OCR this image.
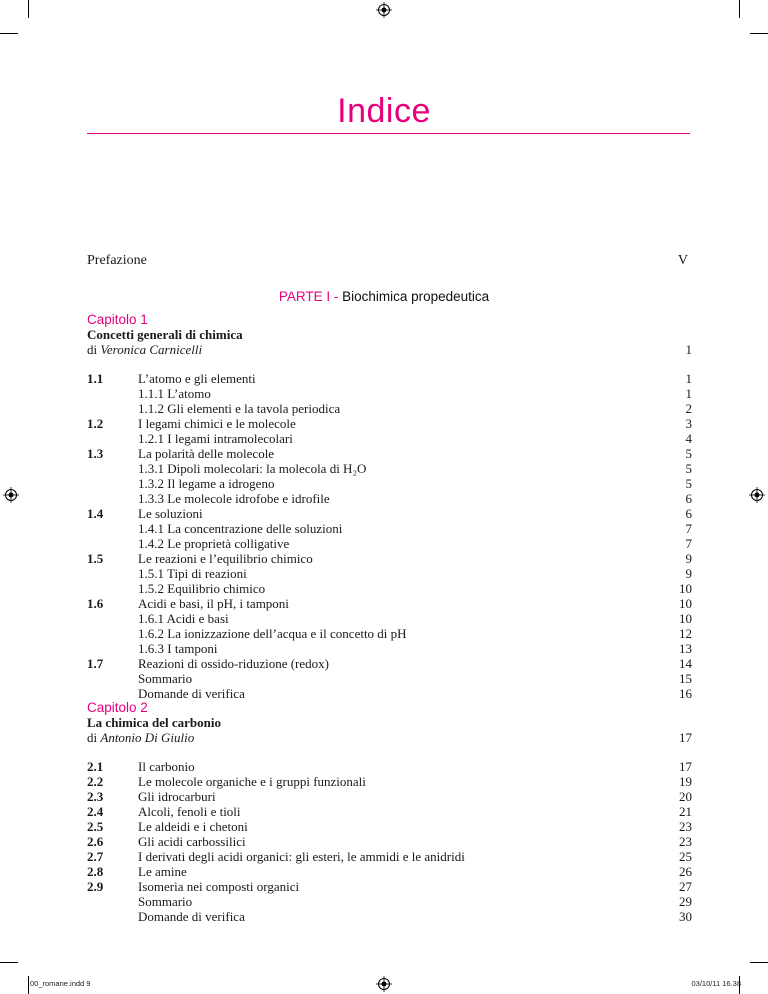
Indice
Prefazione	V
PARTE I - Biochimica propedeutica
Capitolo 1
Concetti generali di chimica
di Veronica Carnicelli	1
1.1	L’atomo e gli elementi	1
1.1.1 L’atomo	1
1.1.2 Gli elementi e la tavola periodica	2
1.2	I legami chimici e le molecole	3
1.2.1 I legami intramolecolari	4
1.3	La polarità delle molecole	5
1.3.1 Dipoli molecolari: la molecola di H₂O	5
1.3.2 Il legame a idrogeno	5
1.3.3 Le molecole idrofobe e idrofile	6
1.4	Le soluzioni	6
1.4.1 La concentrazione delle soluzioni	7
1.4.2 Le proprietà colligative	7
1.5	Le reazioni e l’equilibrio chimico	9
1.5.1 Tipi di reazioni	9
1.5.2 Equilibrio chimico	10
1.6	Acidi e basi, il pH, i tamponi	10
1.6.1 Acidi e basi	10
1.6.2 La ionizzazione dell’acqua e il concetto di pH	12
1.6.3 I tamponi	13
1.7	Reazioni di ossido-riduzione (redox)	14
Sommario	15
Domande di verifica	16
Capitolo 2
La chimica del carbonio
di Antonio Di Giulio	17
2.1	Il carbonio	17
2.2	Le molecole organiche e i gruppi funzionali	19
2.3	Gli idrocarburi	20
2.4	Alcoli, fenoli e tioli	21
2.5	Le aldeidi e i chetoni	23
2.6	Gli acidi carbossilici	23
2.7	I derivati degli acidi organici: gli esteri, le ammidi e le anidridi	25
2.8	Le amine	26
2.9	Isomeria nei composti organici	27
Sommario	29
Domande di verifica	30
00_romane.indd 9	03/10/11 16.38
